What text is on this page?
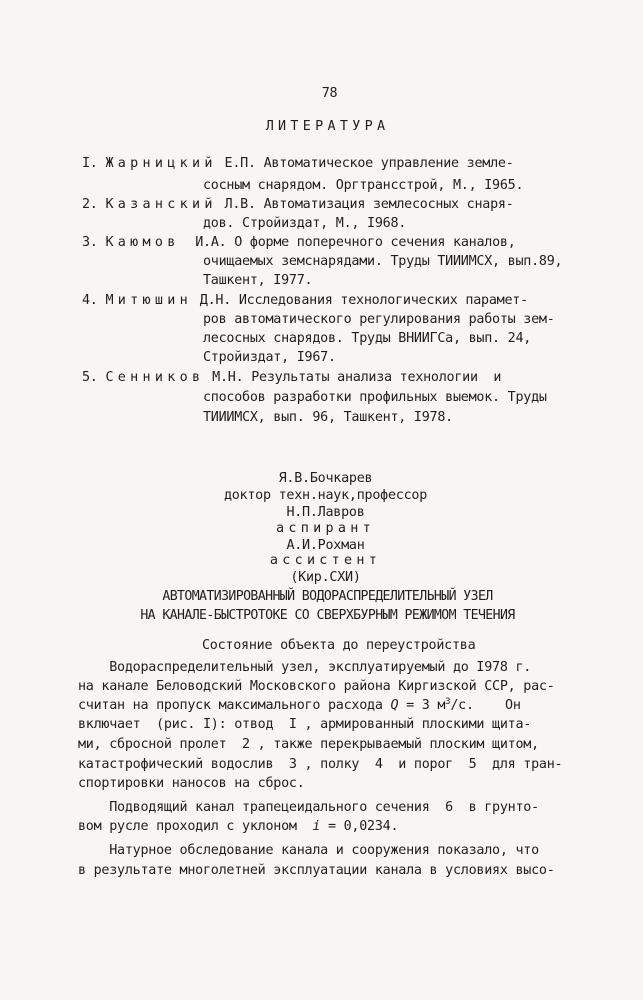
78
ЛИТЕРАТУРА
I. Жарницкий Е.П. Автоматическое управление земле-
сосным снарядом. Оргтрансстрой, М., I965.
2. Казанский Л.В. Автоматизация землесосных снаря-
дов. Стройиздат, М., I968.
3. Каюмов  И.А. О форме поперечного сечения каналов,
очищаемых земснарядами. Труды ТИИИМСХ, вып.89,
Ташкент, I977.
4. Митюшин Д.Н. Исследования технологических парамет-
ров автоматического регулирования работы зем-
лесосных снарядов. Труды ВНИИГСа, вып. 24,
Стройиздат, I967.
5. Сенников М.Н. Результаты анализа технологии  и
способов разработки профильных выемок. Труды
ТИИИМСХ, вып. 96, Ташкент, I978.
Я.В.Бочкарев
доктор техн.наук,профессор
Н.П.Лавров
аспирант
А.И.Рохман
ассистент
(Кир.СХИ)
АВТОМАТИЗИРОВАННЫЙ ВОДОРАСПРЕДЕЛИТЕЛЬНЫЙ УЗЕЛ
НА КАНАЛЕ-БЫСТРОТОКЕ СО СВЕРХБУРНЫМ РЕЖИМОМ ТЕЧЕНИЯ
Состояние объекта до переустройства
Водораспределительный узел, эксплуатируемый до I978 г.
на канале Беловодский Московского района Киргизской ССР, рас-
считан на пропуск максимального расхода Q = 3 $м^3/с$.    Он
включает  (рис. I): отвод  I , армированный плоскими щита-
ми, сбросной пролет  2 , также перекрываемый плоским щитом,
катастрофический водослив  3 , полку  4  и порог  5  для тран-
спортировки наносов на сброс.
Подводящий канал трапецеидального сечения  6  в грунто-
вом русле проходил с уклоном  i = 0,0234.
Натурное обследование канала и сооружения показало, что
в результате многолетней эксплуатации канала в условиях высо-
